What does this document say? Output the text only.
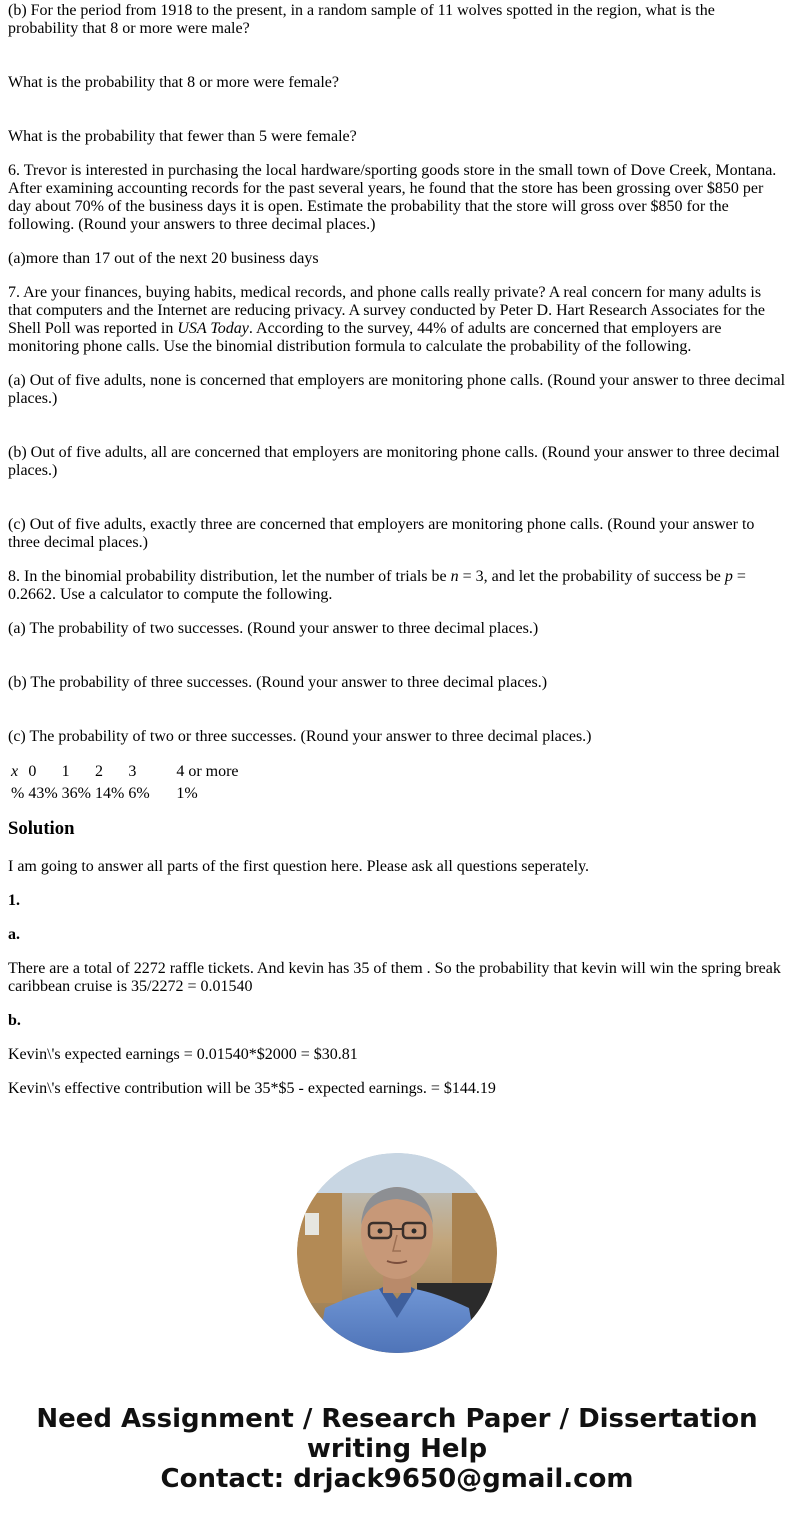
(b) For the period from 1918 to the present, in a random sample of 11 wolves spotted in the region, what is the probability that 8 or more were male?

What is the probability that 8 or more were female?

What is the probability that fewer than 5 were female?

6. Trevor is interested in purchasing the local hardware/sporting goods store in the small town of Dove Creek, Montana. After examining accounting records for the past several years, he found that the store has been grossing over $850 per day about 70% of the business days it is open. Estimate the probability that the store will gross over $850 for the following. (Round your answers to three decimal places.)

(a)more than 17 out of the next 20 business days

7. Are your finances, buying habits, medical records, and phone calls really private? A real concern for many adults is that computers and the Internet are reducing privacy. A survey conducted by Peter D. Hart Research Associates for the Shell Poll was reported in USA Today. According to the survey, 44% of adults are concerned that employers are monitoring phone calls. Use the binomial distribution formula to calculate the probability of the following.

(a) Out of five adults, none is concerned that employers are monitoring phone calls. (Round your answer to three decimal places.)

(b) Out of five adults, all are concerned that employers are monitoring phone calls. (Round your answer to three decimal places.)

(c) Out of five adults, exactly three are concerned that employers are monitoring phone calls. (Round your answer to three decimal places.)

8. In the binomial probability distribution, let the number of trials be n = 3, and let the probability of success be p = 0.2662. Use a calculator to compute the following.

(a) The probability of two successes. (Round your answer to three decimal places.)

(b) The probability of three successes. (Round your answer to three decimal places.)

(c) The probability of two or three successes. (Round your answer to three decimal places.)

x	0	1	2	3	4 or more
%	43%	36%	14%	6%	1%
Solution

I am going to answer all parts of the first question here. Please ask all questions seperately.

1.

a.

There are a total of 2272 raffle tickets. And kevin has 35 of them . So the probability that kevin will win the spring break caribbean cruise is 35/2272 = 0.01540

b.

Kevin\'s expected earnings = 0.01540*$2000 = $30.81

Kevin\'s effective contribution will be 35*$5 - expected earnings. = $144.19

Need Assignment / Research Paper / Dissertation
writing Help
Contact: drjack9650@gmail.com
